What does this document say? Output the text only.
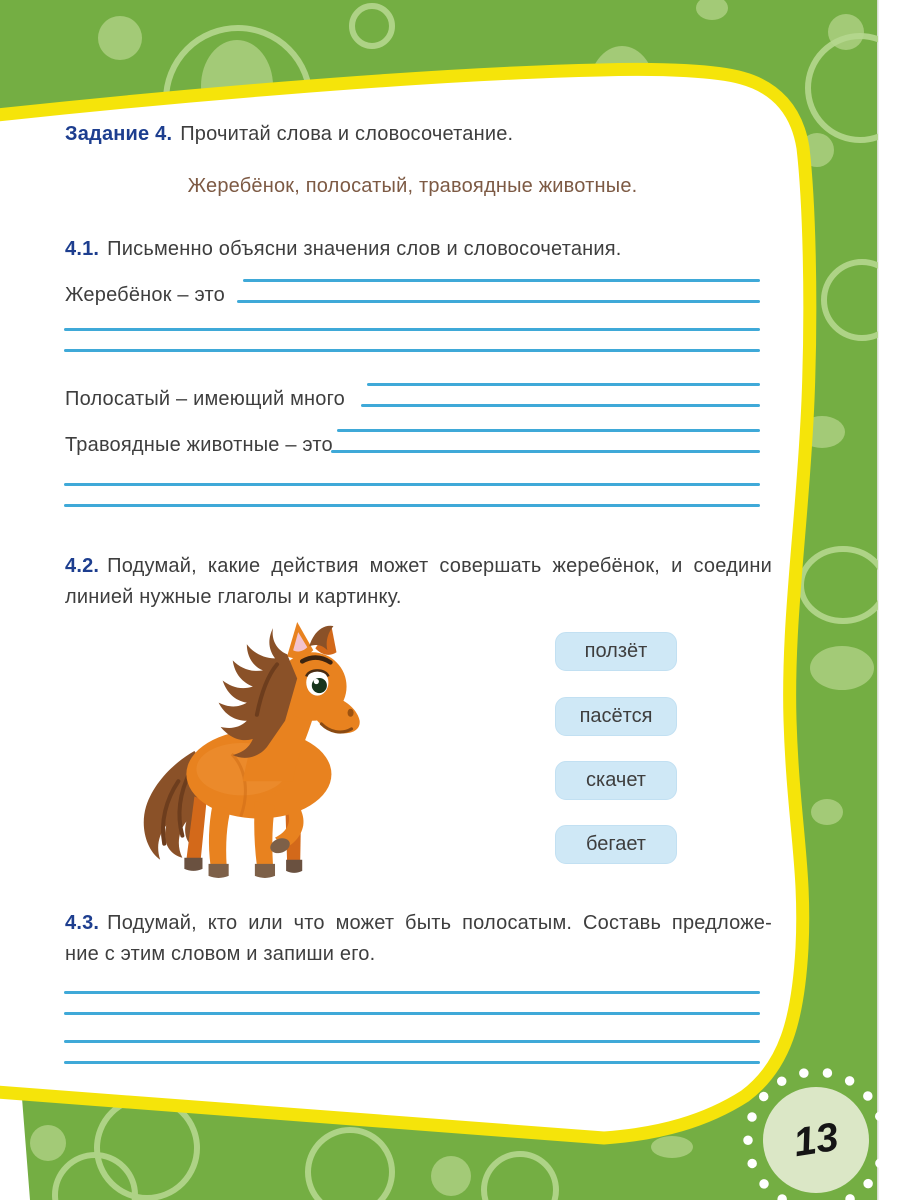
Задание 4. Прочитай слова и словосочетание.
Жеребёнок, полосатый, травоядные животные.
4.1. Письменно объясни значения слов и словосочетания.
Жеребёнок – это
Полосатый – имеющий много
Травоядные животные – это
4.2. Подумай, какие действия может совершать жеребёнок, и соедини
линией нужные глаголы и картинку.
ползёт
пасётся
скачет
бегает
4.3. Подумай, кто или что может быть полосатым. Составь предложе-
ние с этим словом и запиши его.
13
